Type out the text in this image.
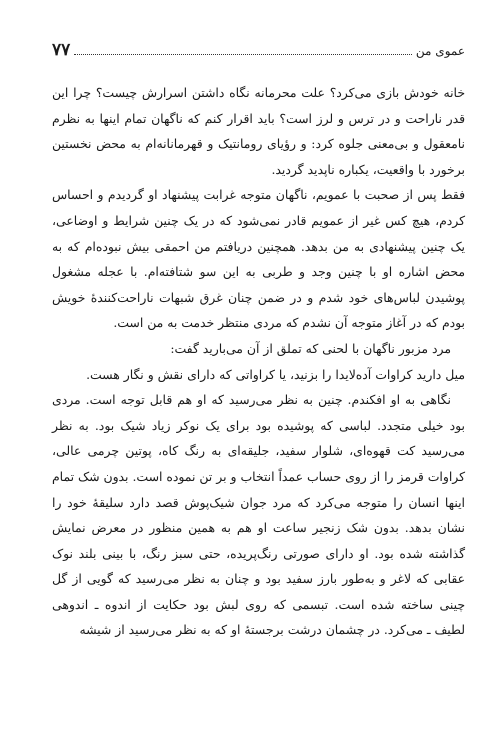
۷۷	عموی من

خانه خودش بازی می‌کرد؟ علت محرمانه نگاه داشتن اسرارش چیست؟ چرا این قدر ناراحت و در ترس و لرز است؟ باید اقرار کنم که ناگهان تمام اینها به نظرم نامعقول و بی‌معنی جلوه کرد: و رؤیای رومانتیک و قهرمانانه‌ام به محض نخستین برخورد با واقعیت، یکباره ناپدید گردید.

فقط پس از صحبت با عمویم، ناگهان متوجه غرابت پیشنهاد او گردیدم و احساس کردم، هیچ کس غیر از عمویم قادر نمی‌شود که در یک چنین شرایط و اوضاعی، یک چنین پیشنهادی به من بدهد. همچنین دریافتم من احمقی بیش نبوده‌ام که به محض اشاره او با چنین وجد و طربی به این سو شتافته‌ام. با عجله مشغول پوشیدن لباس‌های خود شدم و در ضمن چنان غرق شبهات ناراحت‌کنندهٔ خویش بودم که در آغاز متوجه آن نشدم که مردی منتظر خدمت به من است.

مرد مزبور ناگهان با لحنی که تملق از آن می‌بارید گفت:

میل دارید کراوات آده‌لایدا را بزنید، یا کراواتی که دارای نقش و نگار هست.

نگاهی به او افکندم. چنین به نظر می‌رسید که او هم قابل توجه است. مردی بود خیلی متجدد. لباسی که پوشیده بود برای یک نوکر زیاد شیک بود. به نظر می‌رسید کت قهوه‌ای، شلوار سفید، جلیقه‌ای به رنگ کاه، پوتین چرمی عالی، کراوات قرمز را از روی حساب عمداً انتخاب و بر تن نموده است. بدون شک تمام اینها انسان را متوجه می‌کرد که مرد جوان شیک‌پوش قصد دارد سلیقهٔ خود را نشان بدهد. بدون شک زنجیر ساعت او هم به همین منظور در معرض نمایش گذاشته شده بود. او دارای صورتی رنگ‌پریده، حتی سبز رنگ، با بینی بلند نوک عقابی که لاغر و به‌طور بارز سفید بود و چنان به نظر می‌رسید که گویی از گل چینی ساخته شده است. تبسمی که روی لبش بود حکایت از اندوه ـ اندوهی لطیف ـ می‌کرد. در چشمان درشت برجستهٔ او که به نظر می‌رسید از شیشه
